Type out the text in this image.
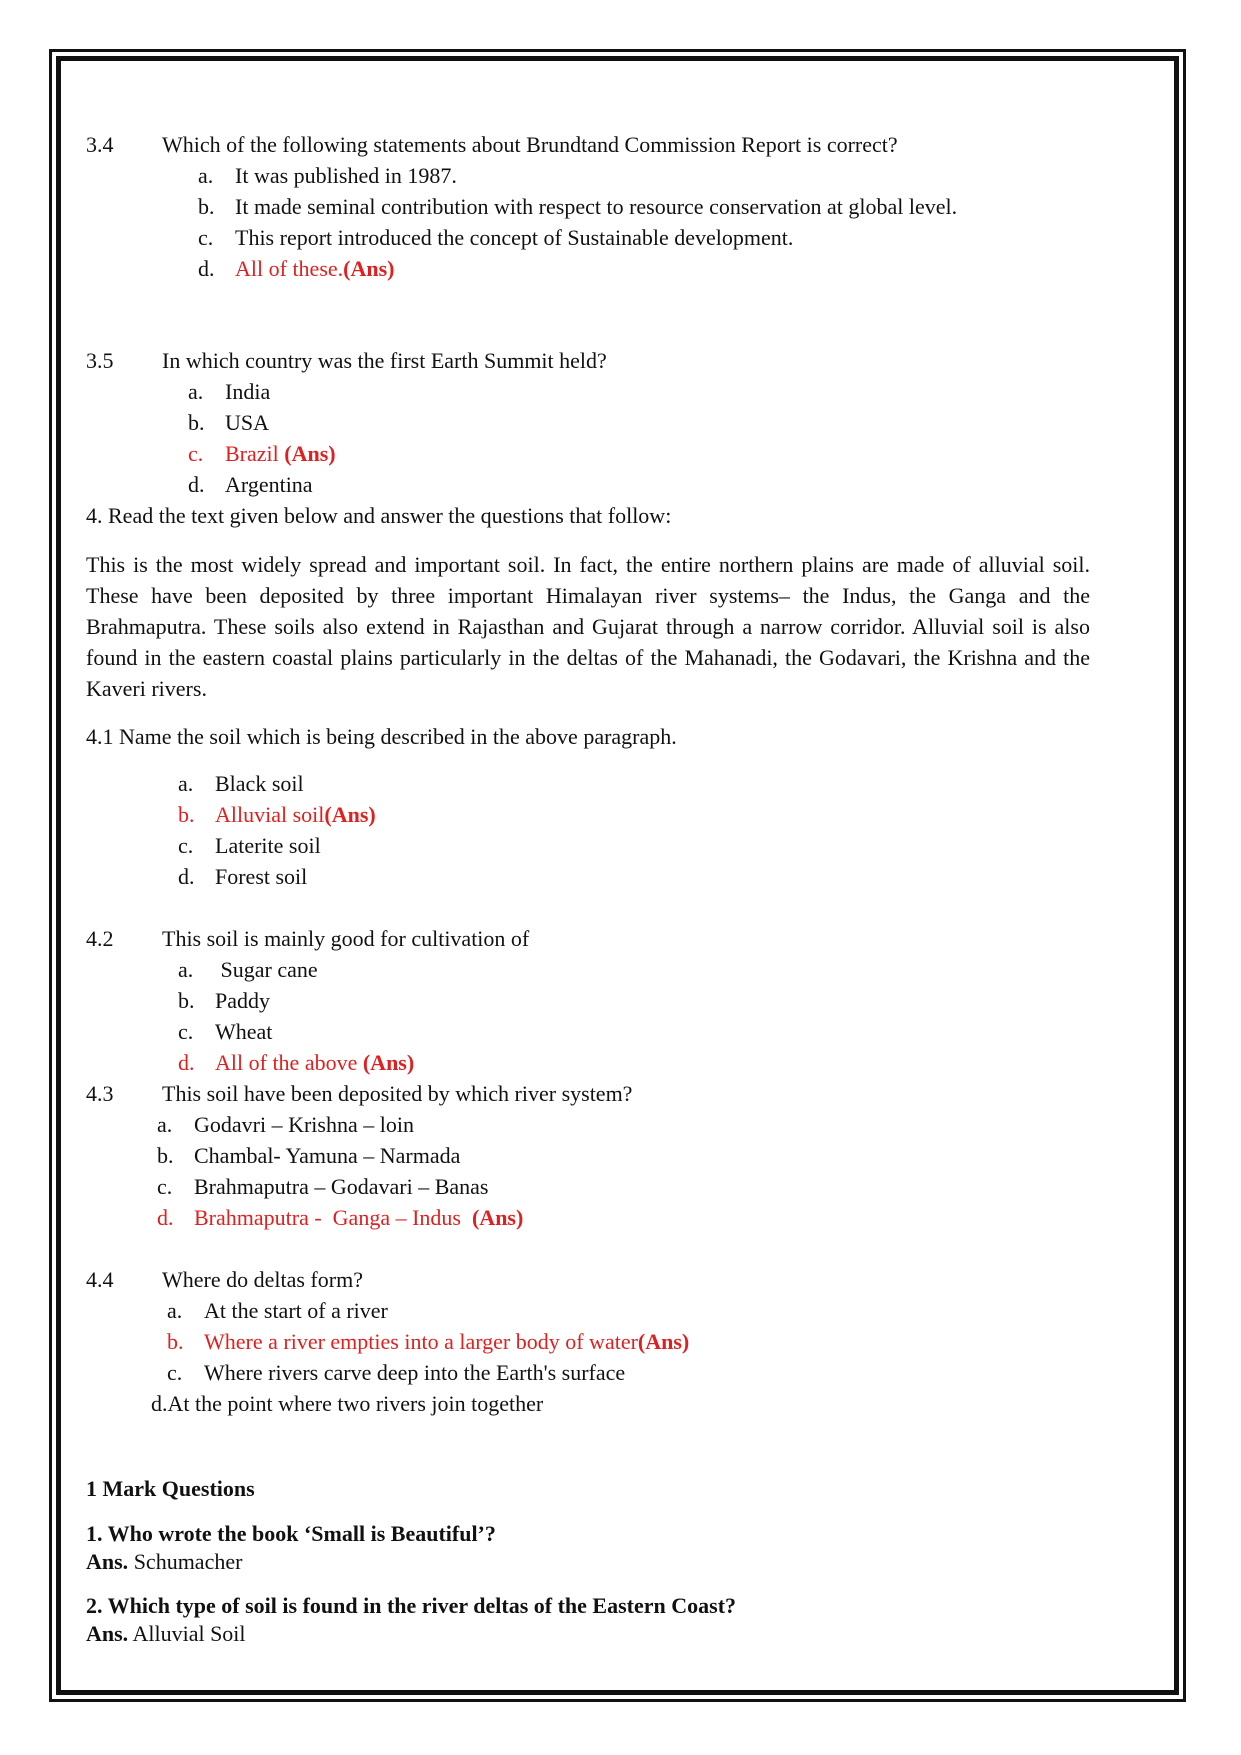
3.4 Which of the following statements about Brundtand Commission Report is correct?
a. It was published in 1987.
b. It made seminal contribution with respect to resource conservation at global level.
c. This report introduced the concept of Sustainable development.
d. All of these.(Ans)
3.5 In which country was the first Earth Summit held?
a. India
b. USA
c. Brazil (Ans)
d. Argentina
4. Read the text given below and answer the questions that follow:
This is the most widely spread and important soil. In fact, the entire northern plains are made of alluvial soil. These have been deposited by three important Himalayan river systems– the Indus, the Ganga and the Brahmaputra. These soils also extend in Rajasthan and Gujarat through a narrow corridor. Alluvial soil is also found in the eastern coastal plains particularly in the deltas of the Mahanadi, the Godavari, the Krishna and the Kaveri rivers.
4.1 Name the soil which is being described in the above paragraph.
a. Black soil
b. Alluvial soil(Ans)
c. Laterite soil
d. Forest soil
4.2 This soil is mainly good for cultivation of
a. Sugar cane
b. Paddy
c. Wheat
d. All of the above (Ans)
4.3 This soil have been deposited by which river system?
a. Godavri – Krishna – loin
b. Chambal- Yamuna – Narmada
c. Brahmaputra – Godavari – Banas
d. Brahmaputra -  Ganga – Indus  (Ans)
4.4 Where do deltas form?
a. At the start of a river
b. Where a river empties into a larger body of water(Ans)
c. Where rivers carve deep into the Earth's surface
d.At the point where two rivers join together
1 Mark Questions
1. Who wrote the book ‘Small is Beautiful’?
Ans. Schumacher
2. Which type of soil is found in the river deltas of the Eastern Coast?
Ans. Alluvial Soil
